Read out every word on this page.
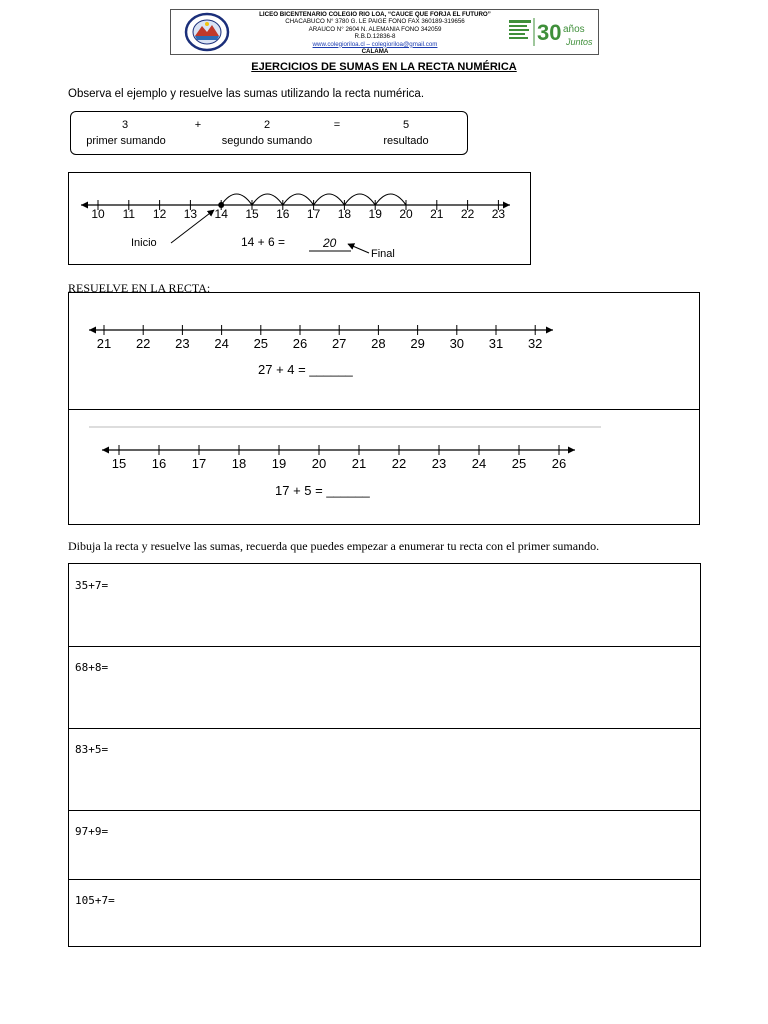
LICEO BICENTENARIO COLEGIO RIO LOA, “CAUCE QUE FORJA EL FUTURO”
CHACABUCO N° 3780 G. LE PAIGE FONO FAX 360189-319656
ARAUCO N° 2604 N. ALEMANIA FONO 342059
R.B.D.12836-8
www.colegioriloa.cl – colegioriloa@gmail.com
CALAMA
30 años
Juntos
EJERCICIOS DE SUMAS EN LA RECTA NUMÉRICA
Observa el ejemplo y resuelve las sumas utilizando la recta numérica.
3	+	2	=	5
primer sumando	segundo sumando	resultado
10 11 12 13 14 15 16 17 18 19 20 21 22 23
Inicio	14 + 6 =	20
Final
RESUELVE EN LA RECTA:
21 22 23 24 25 26 27 28 29 30 31 32
27 + 4 = ______
15 16 17 18 19 20 21 22 23 24 25 26
17 + 5 = ______
Dibuja la recta y resuelve las sumas, recuerda que puedes empezar a enumerar tu recta con el primer sumando.
35+7=
68+8=
83+5=
97+9=
105+7=
